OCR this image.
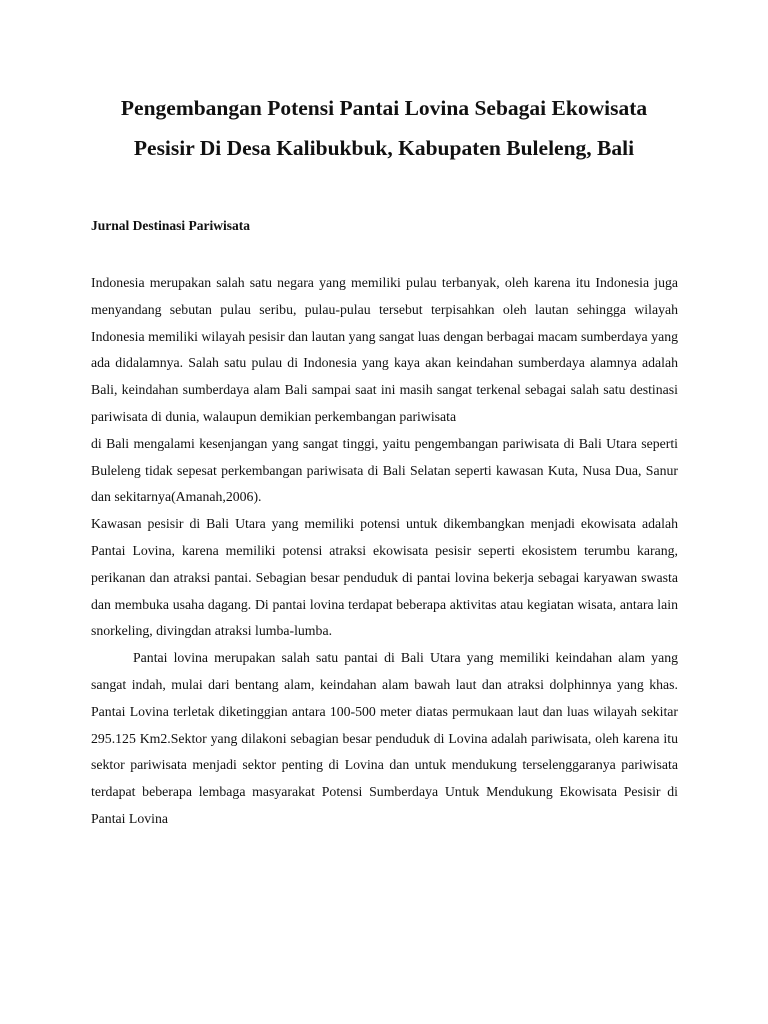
Pengembangan Potensi Pantai Lovina Sebagai Ekowisata
Pesisir Di Desa Kalibukbuk, Kabupaten Buleleng, Bali

Jurnal Destinasi Pariwisata

Indonesia merupakan salah satu negara yang memiliki pulau terbanyak, oleh karena itu Indonesia juga menyandang sebutan pulau seribu, pulau-pulau tersebut terpisahkan oleh lautan sehingga wilayah Indonesia memiliki wilayah pesisir dan lautan yang sangat luas dengan berbagai macam sumberdaya yang ada didalamnya. Salah satu pulau di Indonesia yang kaya akan keindahan sumberdaya alamnya adalah Bali, keindahan sumberdaya alam Bali sampai saat ini masih sangat terkenal sebagai salah satu destinasi pariwisata di dunia, walaupun demikian perkembangan pariwisata

di Bali mengalami kesenjangan yang sangat tinggi, yaitu pengembangan pariwisata di Bali Utara seperti Buleleng tidak sepesat perkembangan pariwisata di Bali Selatan seperti kawasan Kuta, Nusa Dua, Sanur dan sekitarnya(Amanah,2006).

Kawasan pesisir di Bali Utara yang memiliki potensi untuk dikembangkan menjadi ekowisata adalah Pantai Lovina, karena memiliki potensi atraksi ekowisata pesisir seperti ekosistem terumbu karang, perikanan dan atraksi pantai. Sebagian besar penduduk di pantai lovina bekerja sebagai karyawan swasta dan membuka usaha dagang. Di pantai lovina terdapat beberapa aktivitas atau kegiatan wisata, antara lain snorkeling, divingdan atraksi lumba-lumba.

Pantai lovina merupakan salah satu pantai di Bali Utara yang memiliki keindahan alam yang sangat indah, mulai dari bentang alam, keindahan alam bawah laut dan atraksi dolphinnya yang khas. Pantai Lovina terletak diketinggian antara 100-500 meter diatas permukaan laut dan luas wilayah sekitar 295.125 Km2.Sektor yang dilakoni sebagian besar penduduk di Lovina adalah pariwisata, oleh karena itu sektor pariwisata menjadi sektor penting di Lovina dan untuk mendukung terselenggaranya pariwisata terdapat beberapa lembaga masyarakat Potensi Sumberdaya Untuk Mendukung Ekowisata Pesisir di Pantai Lovina
